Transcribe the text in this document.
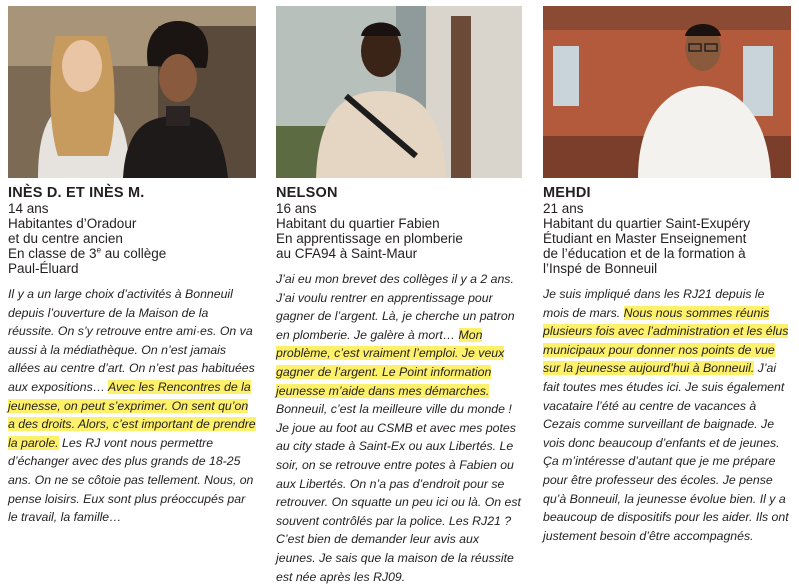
INÈS D. ET INÈS M.
14 ans
Habitantes d’Oradour
et du centre ancien
En classe de 3e au collège
Paul-Éluard
Il y a un large choix d’activités à Bonneuil depuis l’ouverture de la Maison de la réussite. On s’y retrouve entre ami·es. On va aussi à la médiathèque. On n’est jamais allées au centre d’art. On n’est pas habituées aux expositions… Avec les Rencontres de la jeunesse, on peut s’exprimer. On sent qu’on a des droits. Alors, c’est important de prendre la parole. Les RJ vont nous permettre d’échanger avec des plus grands de 18-25 ans. On ne se côtoie pas tellement. Nous, on pense loisirs. Eux sont plus préoccupés par le travail, la famille…
NELSON
16 ans
Habitant du quartier Fabien
En apprentissage en plomberie
au CFA94 à Saint-Maur
J’ai eu mon brevet des collèges il y a 2 ans. J’ai voulu rentrer en apprentissage pour gagner de l’argent. Là, je cherche un patron en plomberie. Je galère à mort… Mon problème, c’est vraiment l’emploi. Je veux gagner de l’argent. Le Point information jeunesse m’aide dans mes démarches. Bonneuil, c’est la meilleure ville du monde ! Je joue au foot au CSMB et avec mes potes au city stade à Saint-Ex ou aux Libertés. Le soir, on se retrouve entre potes à Fabien ou aux Libertés. On n’a pas d’endroit pour se retrouver. On squatte un peu ici ou là. On est souvent contrôlés par la police. Les RJ21 ? C’est bien de demander leur avis aux jeunes. Je sais que la maison de la réussite est née après les RJ09.
MEHDI
21 ans
Habitant du quartier Saint-Exupéry
Étudiant en Master Enseignement
de l’éducation et de la formation à
l’Inspé de Bonneuil
Je suis impliqué dans les RJ21 depuis le mois de mars. Nous nous sommes réunis plusieurs fois avec l’administration et les élus municipaux pour donner nos points de vue sur la jeunesse aujourd’hui à Bonneuil. J’ai fait toutes mes études ici. Je suis également vacataire l’été au centre de vacances à Cezais comme surveillant de baignade. Je vois donc beaucoup d’enfants et de jeunes. Ça m’intéresse d’autant que je me prépare pour être professeur des écoles. Je pense qu’à Bonneuil, la jeunesse évolue bien. Il y a beaucoup de dispositifs pour les aider. Ils ont justement besoin d’être accompagnés.
